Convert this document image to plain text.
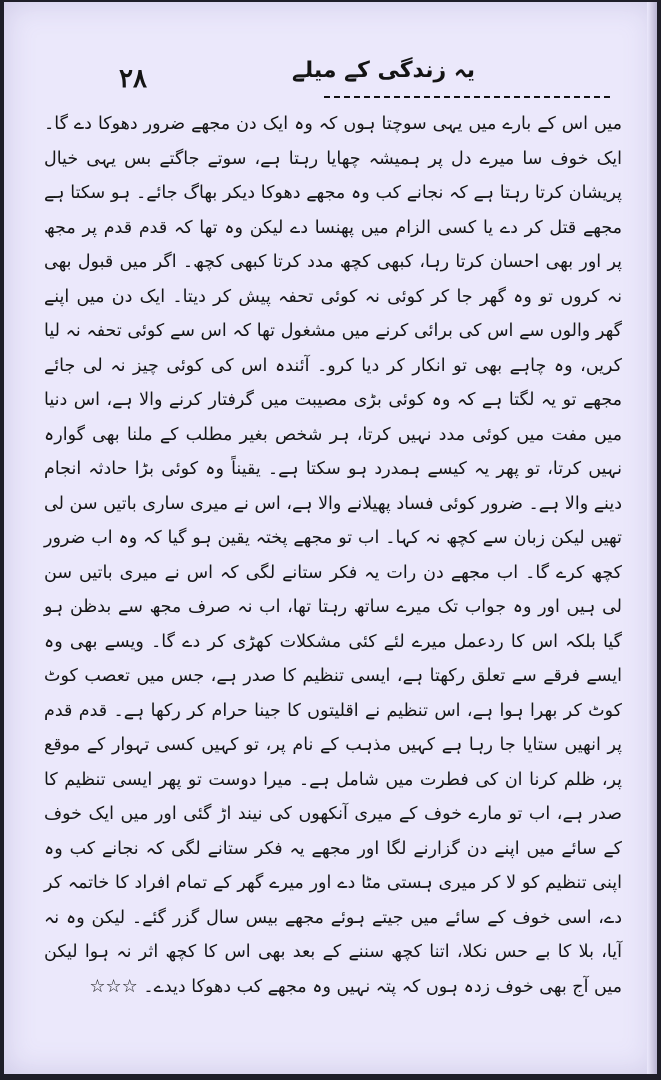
۲۸	یہ زندگی کے میلے

میں اس کے بارے میں یہی سوچتا ہوں کہ وہ ایک دن مجھے ضرور دھوکا دے گا۔ ایک خوف سا میرے دل پر ہمیشہ چھایا رہتا ہے، سوتے جاگتے بس یہی خیال پریشان کرتا رہتا ہے کہ نجانے کب وہ مجھے دھوکا دیکر بھاگ جائے۔ ہو سکتا ہے مجھے قتل کر دے یا کسی الزام میں پھنسا دے لیکن وہ تھا کہ قدم قدم پر مجھ پر اور بھی احسان کرتا رہا، کبھی کچھ مدد کرتا کبھی کچھ۔ اگر میں قبول بھی نہ کروں تو وہ گھر جا کر کوئی نہ کوئی تحفہ پیش کر دیتا۔ ایک دن میں اپنے گھر والوں سے اس کی برائی کرنے میں مشغول تھا کہ اس سے کوئی تحفہ نہ لیا کریں، وہ چاہے بھی تو انکار کر دیا کرو۔ آئندہ اس کی کوئی چیز نہ لی جائے مجھے تو یہ لگتا ہے کہ وہ کوئی بڑی مصیبت میں گرفتار کرنے والا ہے، اس دنیا میں مفت میں کوئی مدد نہیں کرتا، ہر شخص بغیر مطلب کے ملنا بھی گوارہ نہیں کرتا، تو پھر یہ کیسے ہمدرد ہو سکتا ہے۔ یقیناً وہ کوئی بڑا حادثہ انجام دینے والا ہے۔ ضرور کوئی فساد پھیلانے والا ہے، اس نے میری ساری باتیں سن لی تھیں لیکن زبان سے کچھ نہ کہا۔ اب تو مجھے پختہ یقین ہو گیا کہ وہ اب ضرور کچھ کرے گا۔ اب مجھے دن رات یہ فکر ستانے لگی کہ اس نے میری باتیں سن لی ہیں اور وہ جواب تک میرے ساتھ رہتا تھا، اب نہ صرف مجھ سے بدظن ہو گیا بلکہ اس کا ردعمل میرے لئے کئی مشکلات کھڑی کر دے گا۔ ویسے بھی وہ ایسے فرقے سے تعلق رکھتا ہے، ایسی تنظیم کا صدر ہے، جس میں تعصب کوٹ کوٹ کر بھرا ہوا ہے، اس تنظیم نے اقلیتوں کا جینا حرام کر رکھا ہے۔ قدم قدم پر انھیں ستایا جا رہا ہے کہیں مذہب کے نام پر، تو کہیں کسی تہوار کے موقع پر، ظلم کرنا ان کی فطرت میں شامل ہے۔ میرا دوست تو پھر ایسی تنظیم کا صدر ہے، اب تو مارے خوف کے میری آنکھوں کی نیند اڑ گئی اور میں ایک خوف کے سائے میں اپنے دن گزارنے لگا اور مجھے یہ فکر ستانے لگی کہ نجانے کب وہ اپنی تنظیم کو لا کر میری ہستی مٹا دے اور میرے گھر کے تمام افراد کا خاتمہ کر دے، اسی خوف کے سائے میں جیتے ہوئے مجھے بیس سال گزر گئے۔ لیکن وہ نہ آیا، بلا کا بے حس نکلا، اتنا کچھ سننے کے بعد بھی اس کا کچھ اثر نہ ہوا لیکن میں آج بھی خوف زدہ ہوں کہ پتہ نہیں وہ مجھے کب دھوکا دیدے۔ ☆☆☆
